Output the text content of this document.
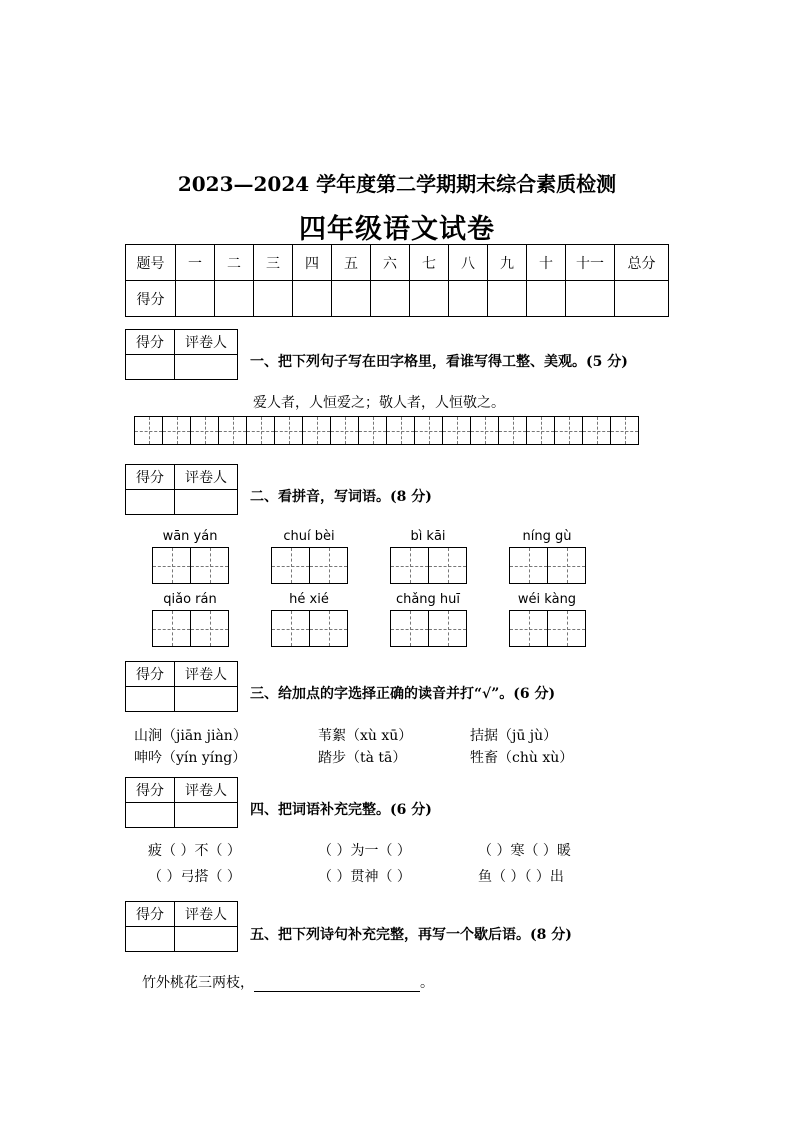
2023—2024 学年度第二学期期末综合素质检测
四年级语文试卷
题号	一	二	三	四	五	六	七	八	九	十	十一	总分
得分												
得分	评卷人

一、把下列句子写在田字格里，看谁写得工整、美观。(5 分)
爱人者，人恒爱之；敬人者，人恒敬之。
得分	评卷人

二、看拼音，写词语。(8 分)
wān yán	chuí bèi	bì kāi	níng gù
qiǎo rán	hé xié	chǎng huī	wéi kàng
得分	评卷人

三、给加点的字选择正确的读音并打“√”。(6 分)
山涧（jiān jiàn）	苇絮（xù xū）	拮据（jū jù）
呻吟（yín yíng）	踏步（tà tā）	牲畜（chù xù）
得分	评卷人

四、把词语补充完整。(6 分)
疲（ ）不（ ）	（ ）为一（ ）	（ ）寒（ ）暖
（ ）弓搭（ ）	（ ）贯神（ ）	鱼（ ）（ ）出
得分	评卷人

五、把下列诗句补充完整，再写一个歇后语。(8 分)
竹外桃花三两枝，	。
